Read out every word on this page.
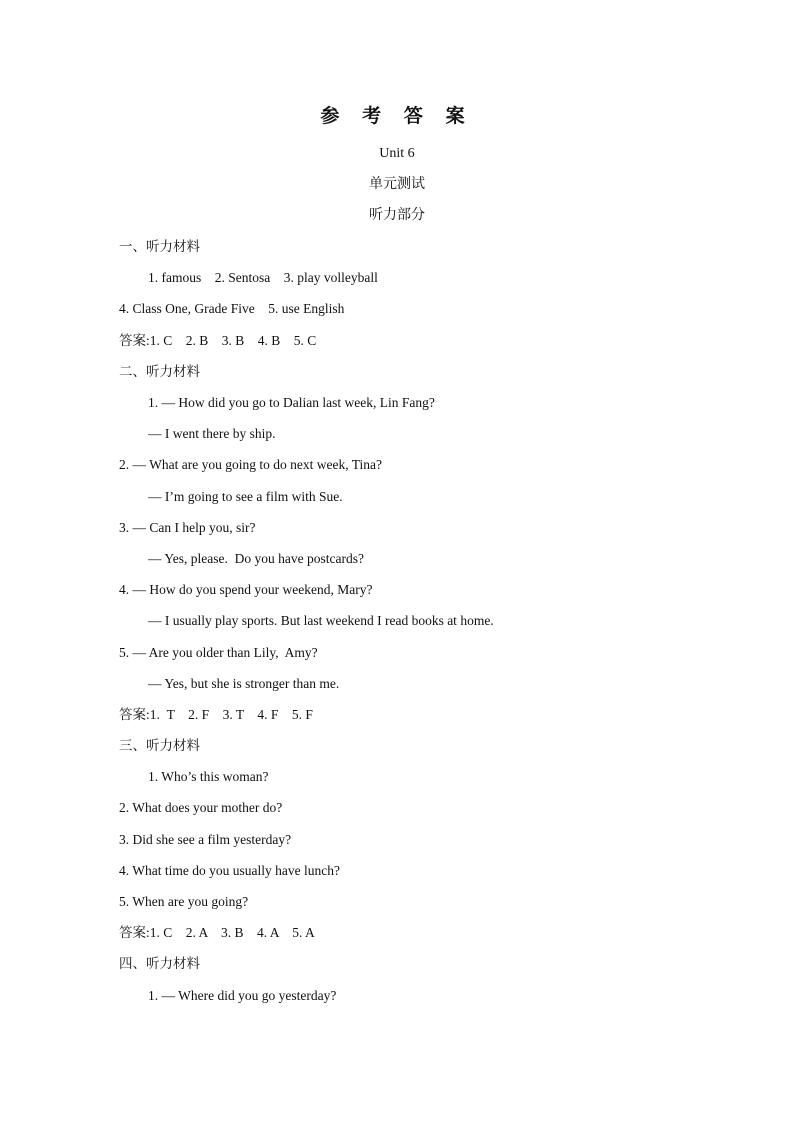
参 考 答 案
Unit 6
单元测试
听力部分
一、听力材料
1. famous    2. Sentosa    3. play volleyball
4. Class One, Grade Five    5. use English
答案:1. C    2. B    3. B    4. B    5. C
二、听力材料
1. — How did you go to Dalian last week, Lin Fang?
— I went there by ship.
2. — What are you going to do next week, Tina?
— I’m going to see a film with Sue.
3. — Can I help you, sir?
— Yes, please.  Do you have postcards?
4. — How do you spend your weekend, Mary?
— I usually play sports. But last weekend I read books at home.
5. — Are you older than Lily,  Amy?
— Yes, but she is stronger than me.
答案:1.  T    2. F    3. T    4. F    5. F
三、听力材料
1. Who’s this woman?
2. What does your mother do?
3. Did she see a film yesterday?
4. What time do you usually have lunch?
5. When are you going?
答案:1. C    2. A    3. B    4. A    5. A
四、听力材料
1. — Where did you go yesterday?
